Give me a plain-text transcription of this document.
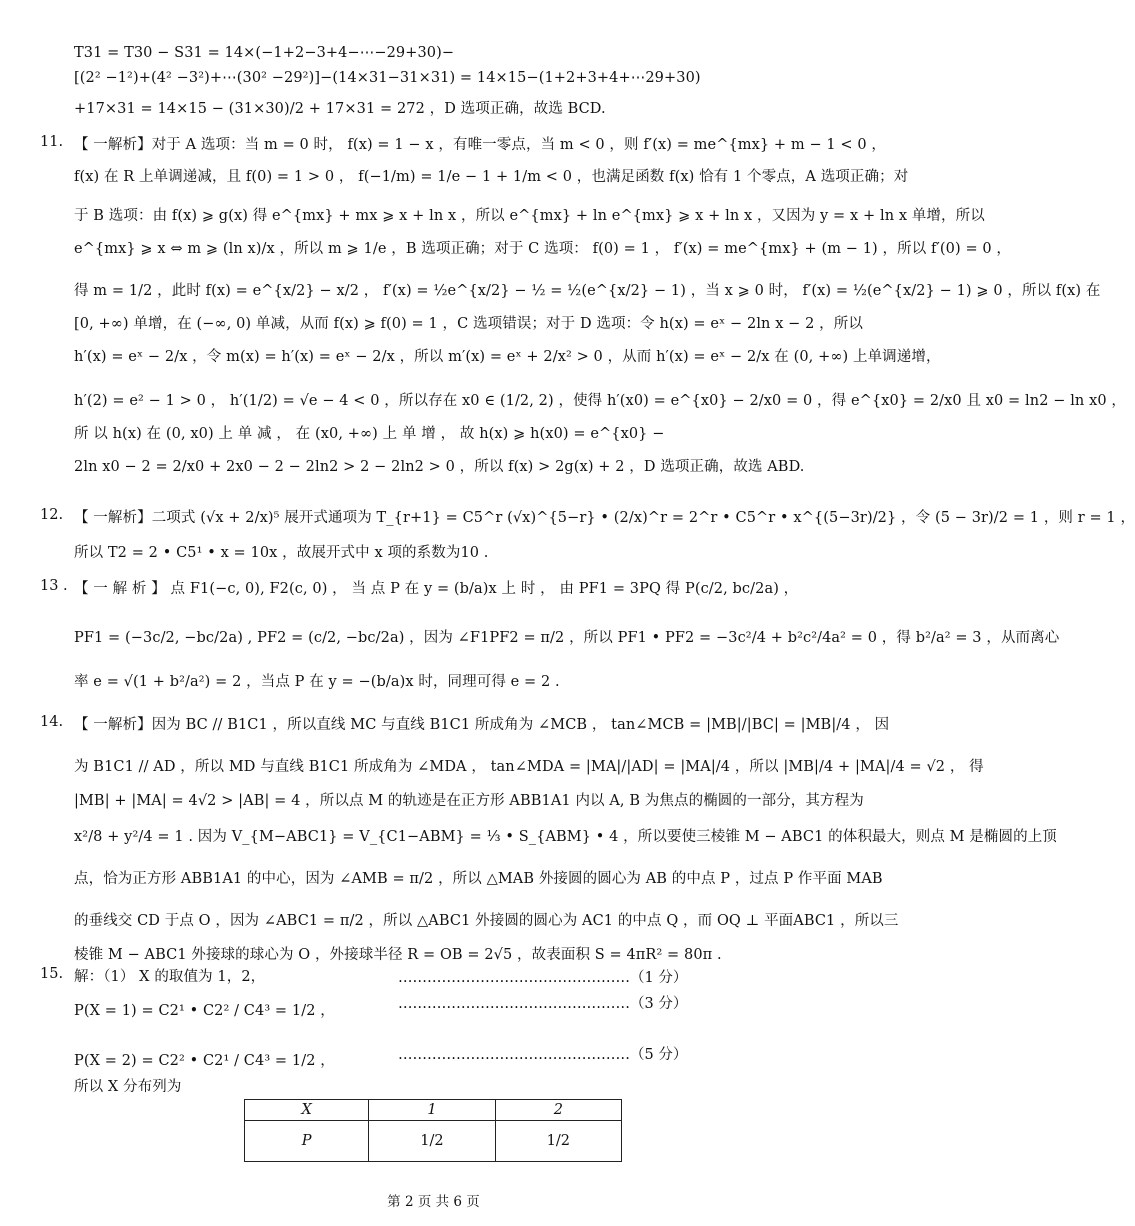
T31 = T30 − S31 = 14×(−1+2−3+4−⋯−29+30)−
[(2² −1²)+(4² −3²)+⋯(30² −29²)]−(14×31−31×31) = 14×15−(1+2+3+4+⋯29+30)
+17×31 = 14×15 − (31×30)/2 + 17×31 = 272 ，D 选项正确，故选 BCD.
11. 【 一解析】对于 A 选项：当 m = 0 时， f(x) = 1 − x ，有唯一零点，当 m < 0 ，则 f′(x) = me^{mx} + m − 1 < 0 ，
f(x) 在 R 上单调递减，且 f(0) = 1 > 0 ， f(−1/m) = 1/e − 1 + 1/m < 0 ，也满足函数 f(x) 恰有 1 个零点，A 选项正确；对
于 B 选项：由 f(x) ⩾ g(x) 得 e^{mx} + mx ⩾ x + ln x ，所以 e^{mx} + ln e^{mx} ⩾ x + ln x ，又因为 y = x + ln x 单增，所以
e^{mx} ⩾ x ⇔ m ⩾ (ln x)/x ，所以 m ⩾ 1/e ，B 选项正确；对于 C 选项： f(0) = 1 ， f′(x) = me^{mx} + (m − 1) ，所以 f′(0) = 0 ，
得 m = 1/2 ，此时 f(x) = e^{x/2} − x/2 ， f′(x) = ½e^{x/2} − ½ = ½(e^{x/2} − 1) ，当 x ⩾ 0 时， f′(x) = ½(e^{x/2} − 1) ⩾ 0 ，所以 f(x) 在
[0, +∞) 单增，在 (−∞, 0) 单减，从而 f(x) ⩾ f(0) = 1 ，C 选项错误；对于 D 选项：令 h(x) = eˣ − 2ln x − 2 ，所以
h′(x) = eˣ − 2/x ，令 m(x) = h′(x) = eˣ − 2/x ，所以 m′(x) = eˣ + 2/x² > 0 ，从而 h′(x) = eˣ − 2/x 在 (0, +∞) 上单调递增，
h′(2) = e² − 1 > 0 ， h′(1/2) = √e − 4 < 0 ，所以存在 x0 ∈ (1/2, 2) ，使得 h′(x0) = e^{x0} − 2/x0 = 0 ，得 e^{x0} = 2/x0 且 x0 = ln2 − ln x0 ，
所 以 h(x) 在 (0, x0) 上 单 减 ， 在 (x0, +∞) 上 单 增 ， 故 h(x) ⩾ h(x0) = e^{x0} −
2ln x0 − 2 = 2/x0 + 2x0 − 2 − 2ln2 > 2 − 2ln2 > 0 ，所以 f(x) > 2g(x) + 2 ，D 选项正确，故选 ABD.
12. 【 一解析】二项式 (√x + 2/x)⁵ 展开式通项为 T_{r+1} = C5^r (√x)^{5−r} • (2/x)^r = 2^r • C5^r • x^{(5−3r)/2} ，令 (5 − 3r)/2 = 1 ，则 r = 1 ，
所以 T2 = 2 • C5¹ • x = 10x ，故展开式中 x 项的系数为10 .
13 . 【 一 解 析 】 点 F1(−c, 0), F2(c, 0) ， 当 点 P 在 y = (b/a)x 上 时 ， 由 PF1 = 3PQ 得 P(c/2, bc/2a) ，
PF1 = (−3c/2, −bc/2a) , PF2 = (c/2, −bc/2a) ，因为 ∠F1PF2 = π/2 ，所以 PF1 • PF2 = −3c²/4 + b²c²/4a² = 0 ，得 b²/a² = 3 ，从而离心
率 e = √(1 + b²/a²) = 2 ，当点 P 在 y = −(b/a)x 时，同理可得 e = 2 .
14. 【 一解析】因为 BC // B1C1 ，所以直线 MC 与直线 B1C1 所成角为 ∠MCB ， tan∠MCB = |MB|/|BC| = |MB|/4 ， 因
为 B1C1 // AD ，所以 MD 与直线 B1C1 所成角为 ∠MDA ， tan∠MDA = |MA|/|AD| = |MA|/4 ，所以 |MB|/4 + |MA|/4 = √2 ， 得
|MB| + |MA| = 4√2 > |AB| = 4 ，所以点 M 的轨迹是在正方形 ABB1A1 内以 A, B 为焦点的椭圆的一部分，其方程为
x²/8 + y²/4 = 1 . 因为 V_{M−ABC1} = V_{C1−ABM} = ⅓ • S_{ABM} • 4 ，所以要使三棱锥 M − ABC1 的体积最大，则点 M 是椭圆的上顶
点，恰为正方形 ABB1A1 的中心，因为 ∠AMB = π/2 ，所以 △MAB 外接圆的圆心为 AB 的中点 P ，过点 P 作平面 MAB
的垂线交 CD 于点 O ，因为 ∠ABC1 = π/2 ，所以 △ABC1 外接圆的圆心为 AC1 的中点 Q ，而 OQ ⊥ 平面ABC1 ，所以三
棱锥 M − ABC1 外接球的球心为 O ，外接球半径 R = OB = 2√5 ，故表面积 S = 4πR² = 80π .
15. 解：（1） X 的取值为 1，2，	…………………………………………（1 分）
P(X = 1) = C2¹ • C2² / C4³ = 1/2 ，	…………………………………………（3 分）
P(X = 2) = C2² • C2¹ / C4³ = 1/2 ，	…………………………………………（5 分）
所以 X 分布列为
X	1	2
P	1/2	1/2
第 2 页 共 6 页
